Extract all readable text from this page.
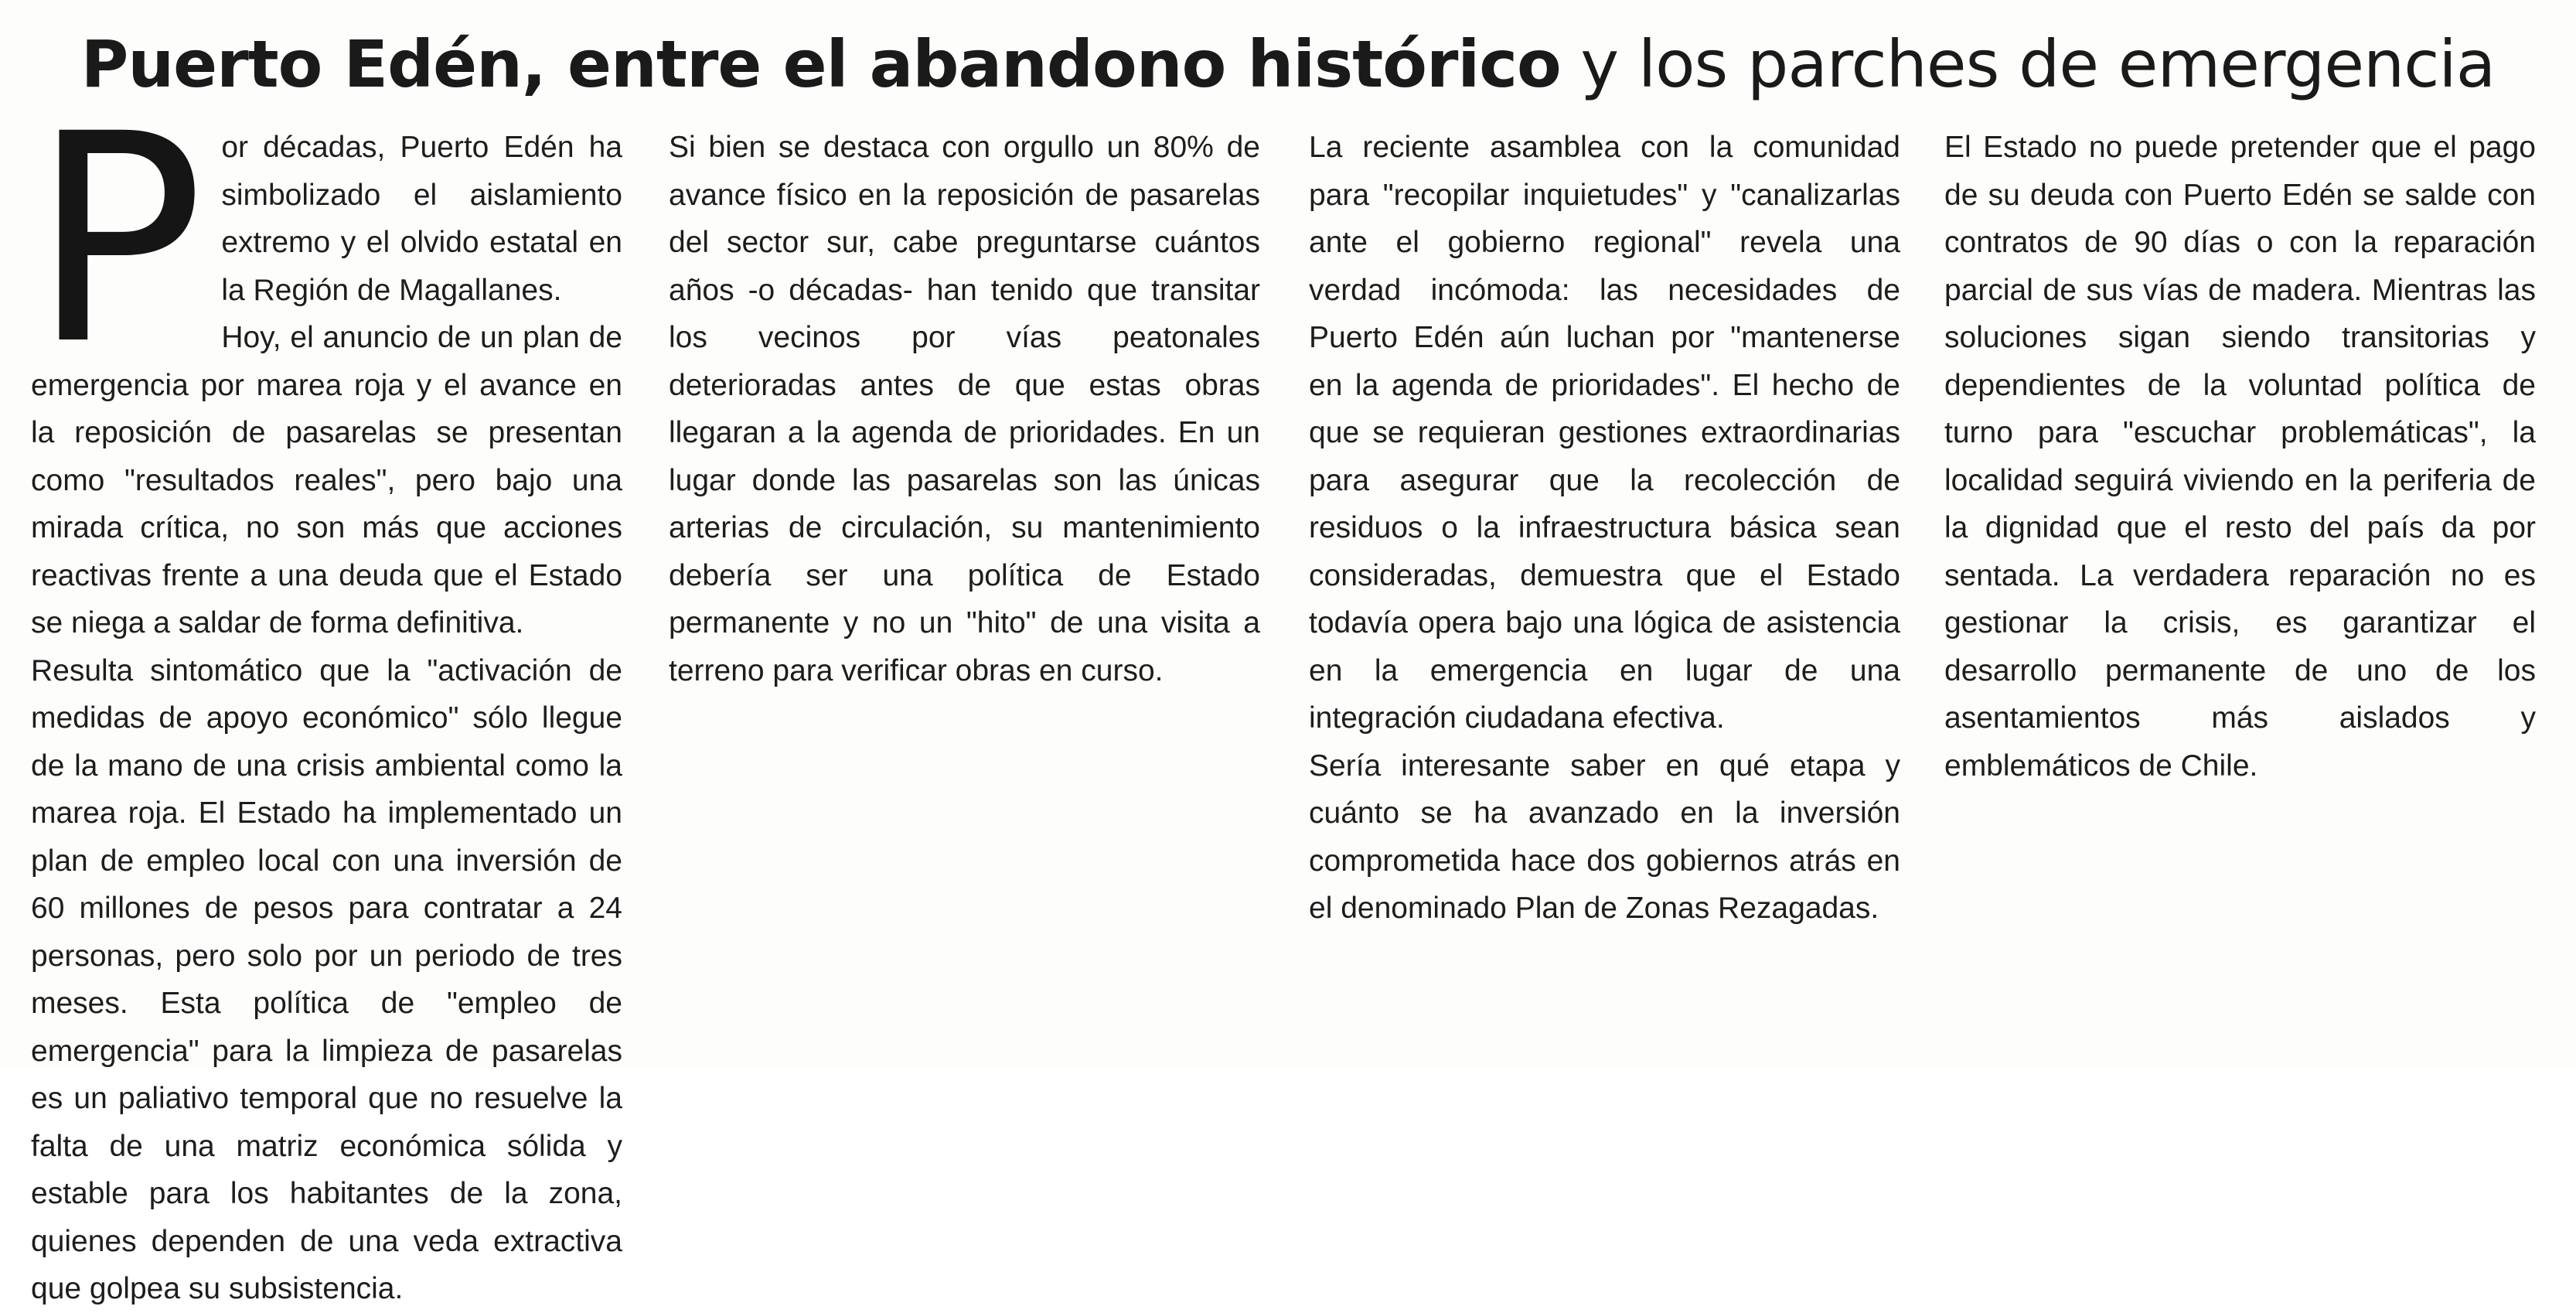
Puerto Edén, entre el abandono histórico y los parches de emergencia
P or décadas, Puerto Edén ha simbolizado el aislamiento extremo y el olvido estatal en la Región de Magallanes.

Hoy, el anuncio de un plan de emergencia por marea roja y el avance en la reposición de pasarelas se presentan como "resultados reales", pero bajo una mirada crítica, no son más que acciones reactivas frente a una deuda que el Estado se niega a saldar de forma definitiva.

Resulta sintomático que la "activación de medidas de apoyo económico" sólo llegue de la mano de una crisis ambiental como la marea roja. El Estado ha implementado un plan de empleo local con una inversión de 60 millones de pesos para contratar a 24 personas, pero solo por un periodo de tres meses. Esta política de "empleo de emergencia" para la limpieza de pasarelas es un paliativo temporal que no resuelve la falta de una matriz económica sólida y estable para los habitantes de la zona, quienes dependen de una veda extractiva que golpea su subsistencia.

Si bien se destaca con orgullo un 80% de avance físico en la reposición de pasarelas del sector sur, cabe preguntarse cuántos años -o décadas- han tenido que transitar los vecinos por vías peatonales deterioradas antes de que estas obras llegaran a la agenda de prioridades. En un lugar donde las pasarelas son las únicas arterias de circulación, su mantenimiento debería ser una política de Estado permanente y no un "hito" de una visita a terreno para verificar obras en curso.

La reciente asamblea con la comunidad para "recopilar inquietudes" y "canalizarlas ante el gobierno regional" revela una verdad incómoda: las necesidades de Puerto Edén aún luchan por "mantenerse en la agenda de prioridades". El hecho de que se requieran gestiones extraordinarias para asegurar que la recolección de residuos o la infraestructura básica sean consideradas, demuestra que el Estado todavía opera bajo una lógica de asistencia en la emergencia en lugar de una integración ciudadana efectiva.

Sería interesante saber en qué etapa y cuánto se ha avanzado en la inversión comprometida hace dos gobiernos atrás en el denominado Plan de Zonas Rezagadas.

El Estado no puede pretender que el pago de su deuda con Puerto Edén se salde con contratos de 90 días o con la reparación parcial de sus vías de madera. Mientras las soluciones sigan siendo transitorias y dependientes de la voluntad política de turno para "escuchar problemáticas", la localidad seguirá viviendo en la periferia de la dignidad que el resto del país da por sentada. La verdadera reparación no es gestionar la crisis, es garantizar el desarrollo permanente de uno de los asentamientos más aislados y emblemáticos de Chile.
